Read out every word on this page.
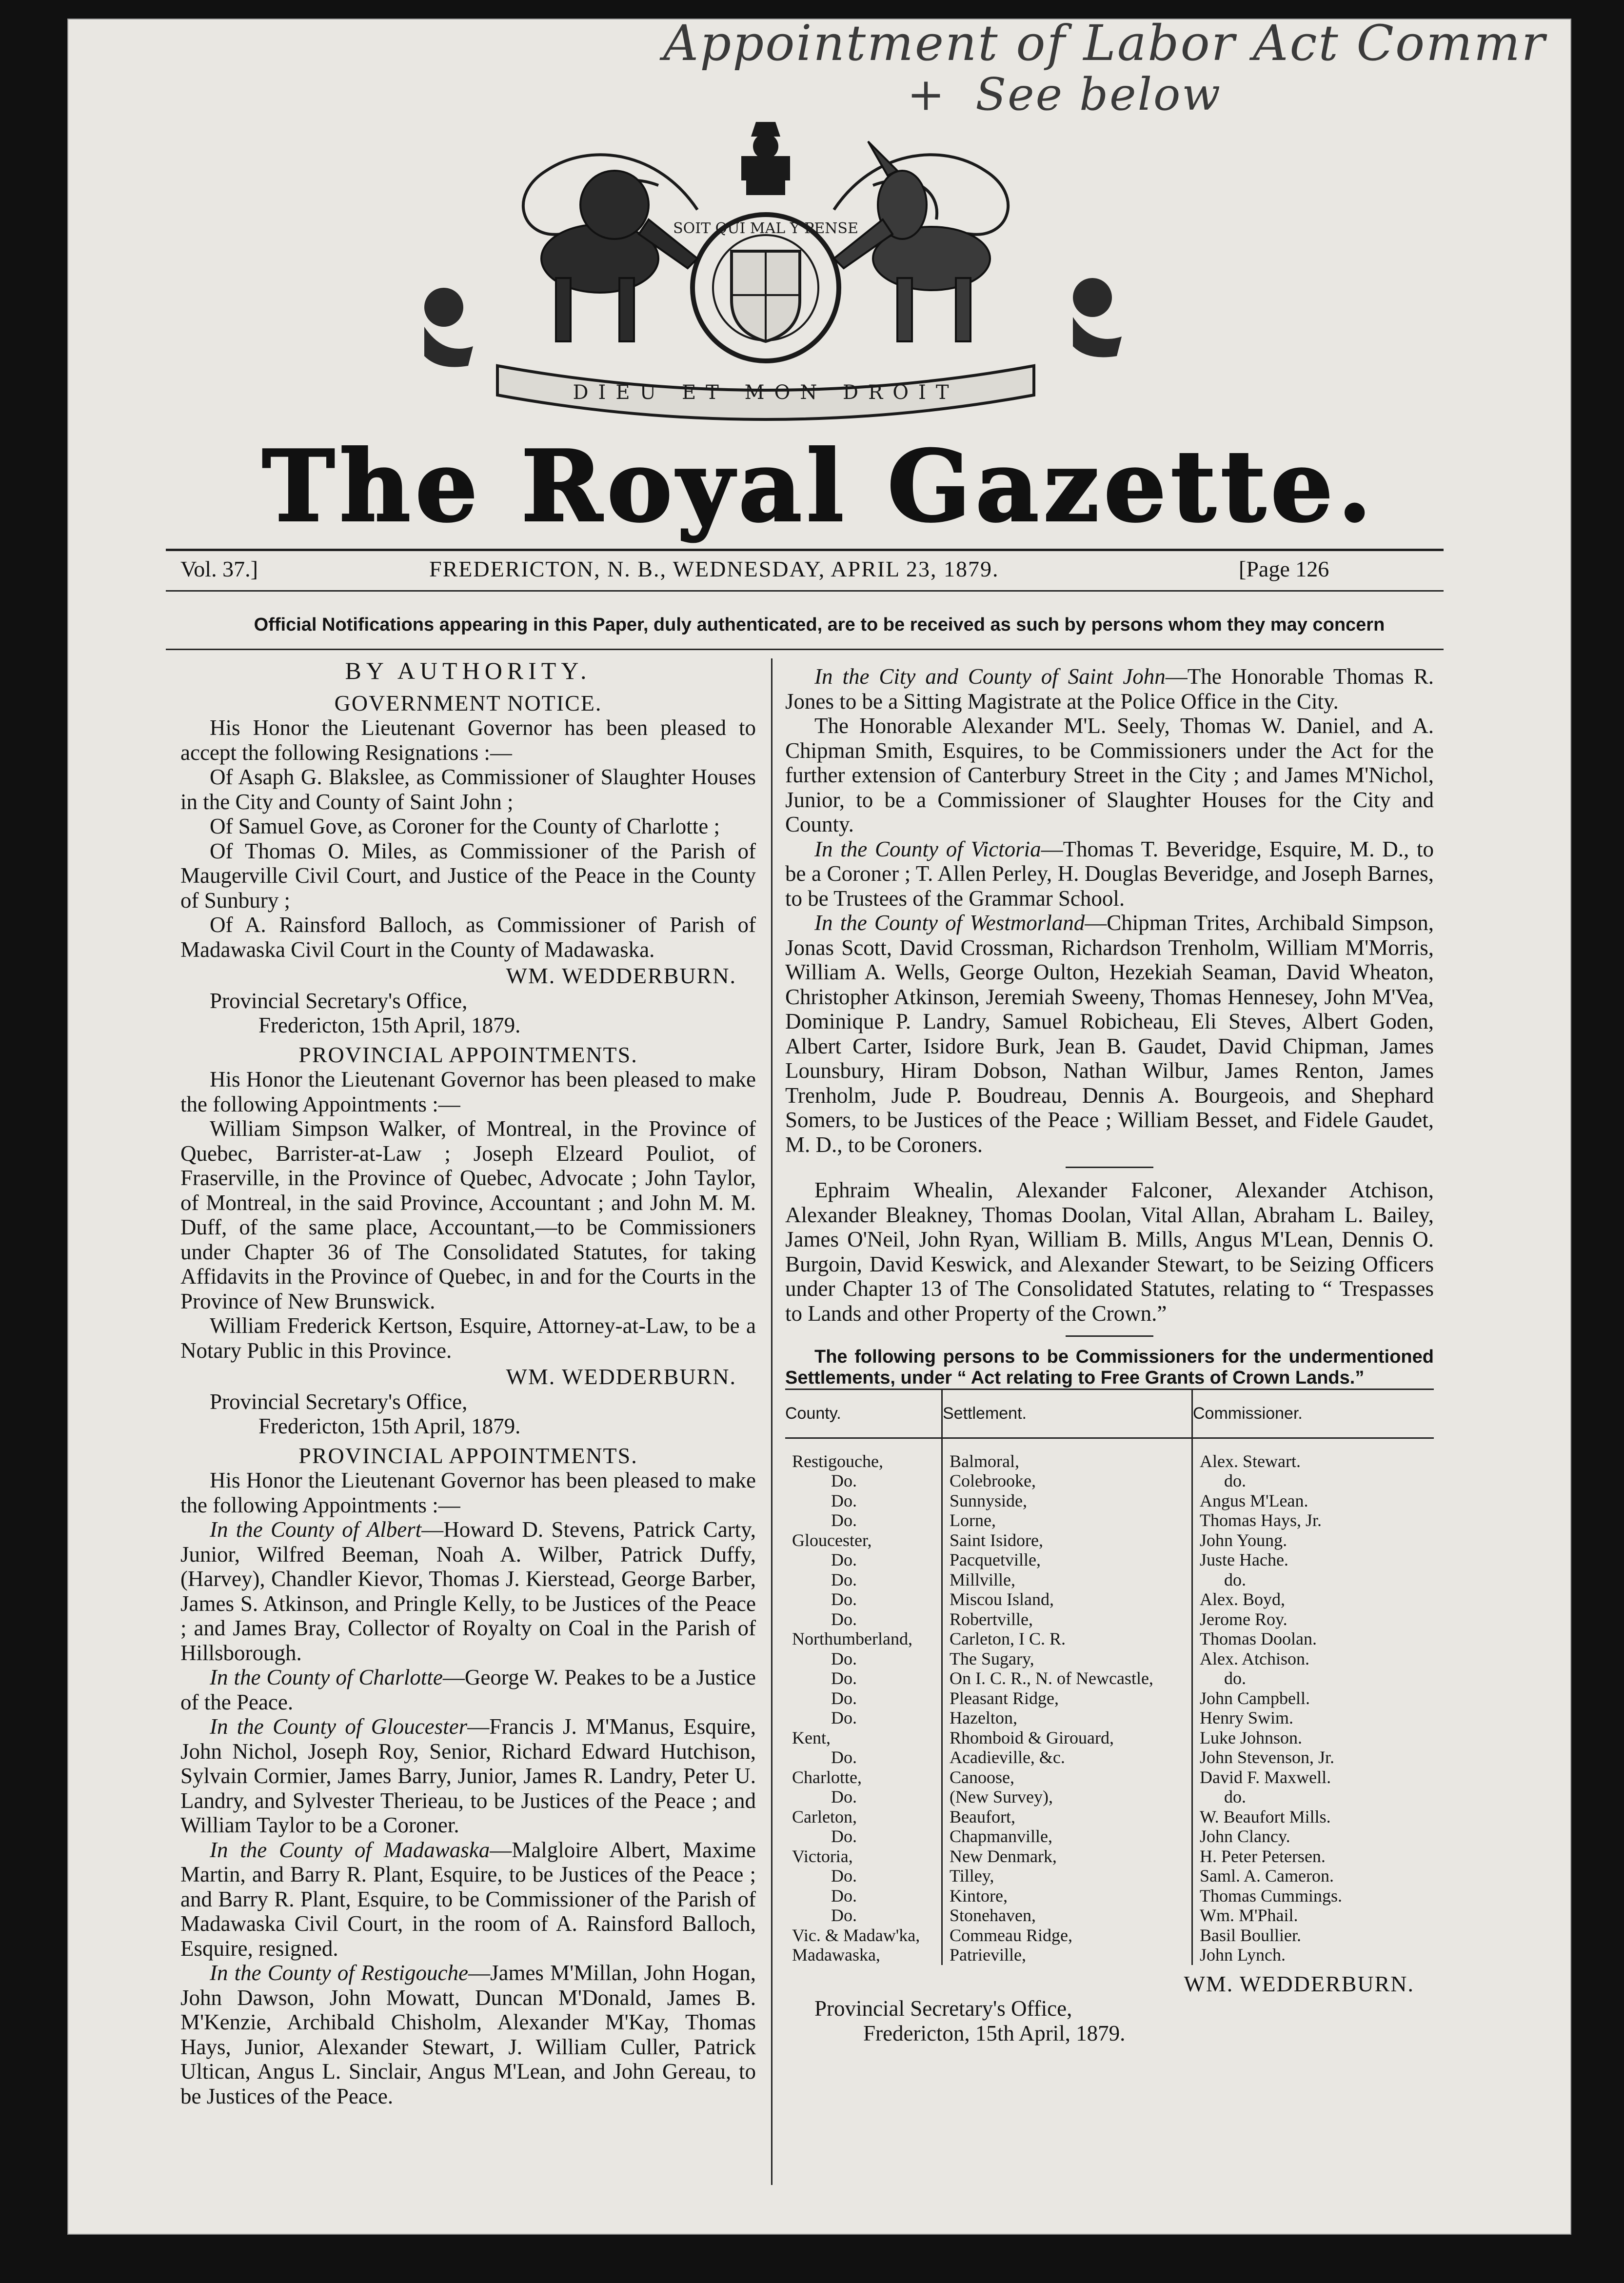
Appointment of Labor Act Commr
+ See below
SOIT QUI MAL Y PENSE
DIEU ET MON DROIT
The Royal Gazette.
Vol. 37.]	FREDERICTON, N. B., WEDNESDAY, APRIL 23, 1879.	[Page 126
Official Notifications appearing in this Paper, duly authenticated, are to be received as such by persons whom they may concern
BY AUTHORITY.
GOVERNMENT NOTICE.

His Honor the Lieutenant Governor has been pleased to accept the following Resignations :—

Of Asaph G. Blakslee, as Commissioner of Slaughter Houses in the City and County of Saint John ;

Of Samuel Gove, as Coroner for the County of Charlotte ;

Of Thomas O. Miles, as Commissioner of the Parish of Maugerville Civil Court, and Justice of the Peace in the County of Sunbury ;

Of A. Rainsford Balloch, as Commissioner of Parish of Madawaska Civil Court in the County of Madawaska.

WM. WEDDERBURN.
Provincial Secretary's Office,
Fredericton, 15th April, 1879.
PROVINCIAL APPOINTMENTS.

His Honor the Lieutenant Governor has been pleased to make the following Appointments :—

William Simpson Walker, of Montreal, in the Province of Quebec, Barrister-at-Law ; Joseph Elzeard Pouliot, of Fraserville, in the Province of Quebec, Advocate ; John Taylor, of Montreal, in the said Province, Accountant ; and John M. M. Duff, of the same place, Accountant,—to be Commissioners under Chapter 36 of The Consolidated Statutes, for taking Affidavits in the Province of Quebec, in and for the Courts in the Province of New Brunswick.

William Frederick Kertson, Esquire, Attorney-at-Law, to be a Notary Public in this Province.

WM. WEDDERBURN.
Provincial Secretary's Office,
Fredericton, 15th April, 1879.
PROVINCIAL APPOINTMENTS.

His Honor the Lieutenant Governor has been pleased to make the following Appointments :—

In the County of Albert—Howard D. Stevens, Patrick Carty, Junior, Wilfred Beeman, Noah A. Wilber, Patrick Duffy, (Harvey), Chandler Kievor, Thomas J. Kierstead, George Barber, James S. Atkinson, and Pringle Kelly, to be Justices of the Peace ; and James Bray, Collector of Royalty on Coal in the Parish of Hillsborough.

In the County of Charlotte—George W. Peakes to be a Justice of the Peace.

In the County of Gloucester—Francis J. M'Manus, Esquire, John Nichol, Joseph Roy, Senior, Richard Edward Hutchison, Sylvain Cormier, James Barry, Junior, James R. Landry, Peter U. Landry, and Sylvester Therieau, to be Justices of the Peace ; and William Taylor to be a Coroner.

In the County of Madawaska—Malgloire Albert, Maxime Martin, and Barry R. Plant, Esquire, to be Justices of the Peace ; and Barry R. Plant, Esquire, to be Commissioner of the Parish of Madawaska Civil Court, in the room of A. Rainsford Balloch, Esquire, resigned.

In the County of Restigouche—James M'Millan, John Hogan, John Dawson, John Mowatt, Duncan M'Donald, James B. M'Kenzie, Archibald Chisholm, Alexander M'Kay, Thomas Hays, Junior, Alexander Stewart, J. William Culler, Patrick Ultican, Angus L. Sinclair, Angus M'Lean, and John Gereau, to be Justices of the Peace.

In the City and County of Saint John—The Honorable Thomas R. Jones to be a Sitting Magistrate at the Police Office in the City.

The Honorable Alexander M'L. Seely, Thomas W. Daniel, and A. Chipman Smith, Esquires, to be Commissioners under the Act for the further extension of Canterbury Street in the City ; and James M'Nichol, Junior, to be a Commissioner of Slaughter Houses for the City and County.

In the County of Victoria—Thomas T. Beveridge, Esquire, M. D., to be a Coroner ; T. Allen Perley, H. Douglas Beveridge, and Joseph Barnes, to be Trustees of the Grammar School.

In the County of Westmorland—Chipman Trites, Archibald Simpson, Jonas Scott, David Crossman, Richardson Trenholm, William M'Morris, William A. Wells, George Oulton, Hezekiah Seaman, David Wheaton, Christopher Atkinson, Jeremiah Sweeny, Thomas Hennesey, John M'Vea, Dominique P. Landry, Samuel Robicheau, Eli Steves, Albert Goden, Albert Carter, Isidore Burk, Jean B. Gaudet, David Chipman, James Lounsbury, Hiram Dobson, Nathan Wilbur, James Renton, James Trenholm, Jude P. Boudreau, Dennis A. Bourgeois, and Shephard Somers, to be Justices of the Peace ; William Besset, and Fidele Gaudet, M. D., to be Coroners.

Ephraim Whealin, Alexander Falconer, Alexander Atchison, Alexander Bleakney, Thomas Doolan, Vital Allan, Abraham L. Bailey, James O'Neil, John Ryan, William B. Mills, Angus M'Lean, Dennis O. Burgoin, David Keswick, and Alexander Stewart, to be Seizing Officers under Chapter 13 of The Consolidated Statutes, relating to “ Trespasses to Lands and other Property of the Crown.”

The following persons to be Commissioners for the undermentioned Settlements, under “ Act relating to Free Grants of Crown Lands.”

County.	Settlement.	Commissioner.
Restigouche,	Balmoral,	Alex. Stewart.
Do.	Colebrooke,	do.
Do.	Sunnyside,	Angus M'Lean.
Do.	Lorne,	Thomas Hays, Jr.
Gloucester,	Saint Isidore,	John Young.
Do.	Pacquetville,	Juste Hache.
Do.	Millville,	do.
Do.	Miscou Island,	Alex. Boyd,
Do.	Robertville,	Jerome Roy.
Northumberland,	Carleton, I C. R.	Thomas Doolan.
Do.	The Sugary,	Alex. Atchison.
Do.	On I. C. R., N. of Newcastle,	do.
Do.	Pleasant Ridge,	John Campbell.
Do.	Hazelton,	Henry Swim.
Kent,	Rhomboid & Girouard,	Luke Johnson.
Do.	Acadieville, &c.	John Stevenson, Jr.
Charlotte,	Canoose,	David F. Maxwell.
Do.	(New Survey),	do.
Carleton,	Beaufort,	W. Beaufort Mills.
Do.	Chapmanville,	John Clancy.
Victoria,	New Denmark,	H. Peter Petersen.
Do.	Tilley,	Saml. A. Cameron.
Do.	Kintore,	Thomas Cummings.
Do.	Stonehaven,	Wm. M'Phail.
Vic. & Madaw'ka,	Commeau Ridge,	Basil Boullier.
Madawaska,	Patrieville,	John Lynch.
WM. WEDDERBURN.
Provincial Secretary's Office,
Fredericton, 15th April, 1879.
